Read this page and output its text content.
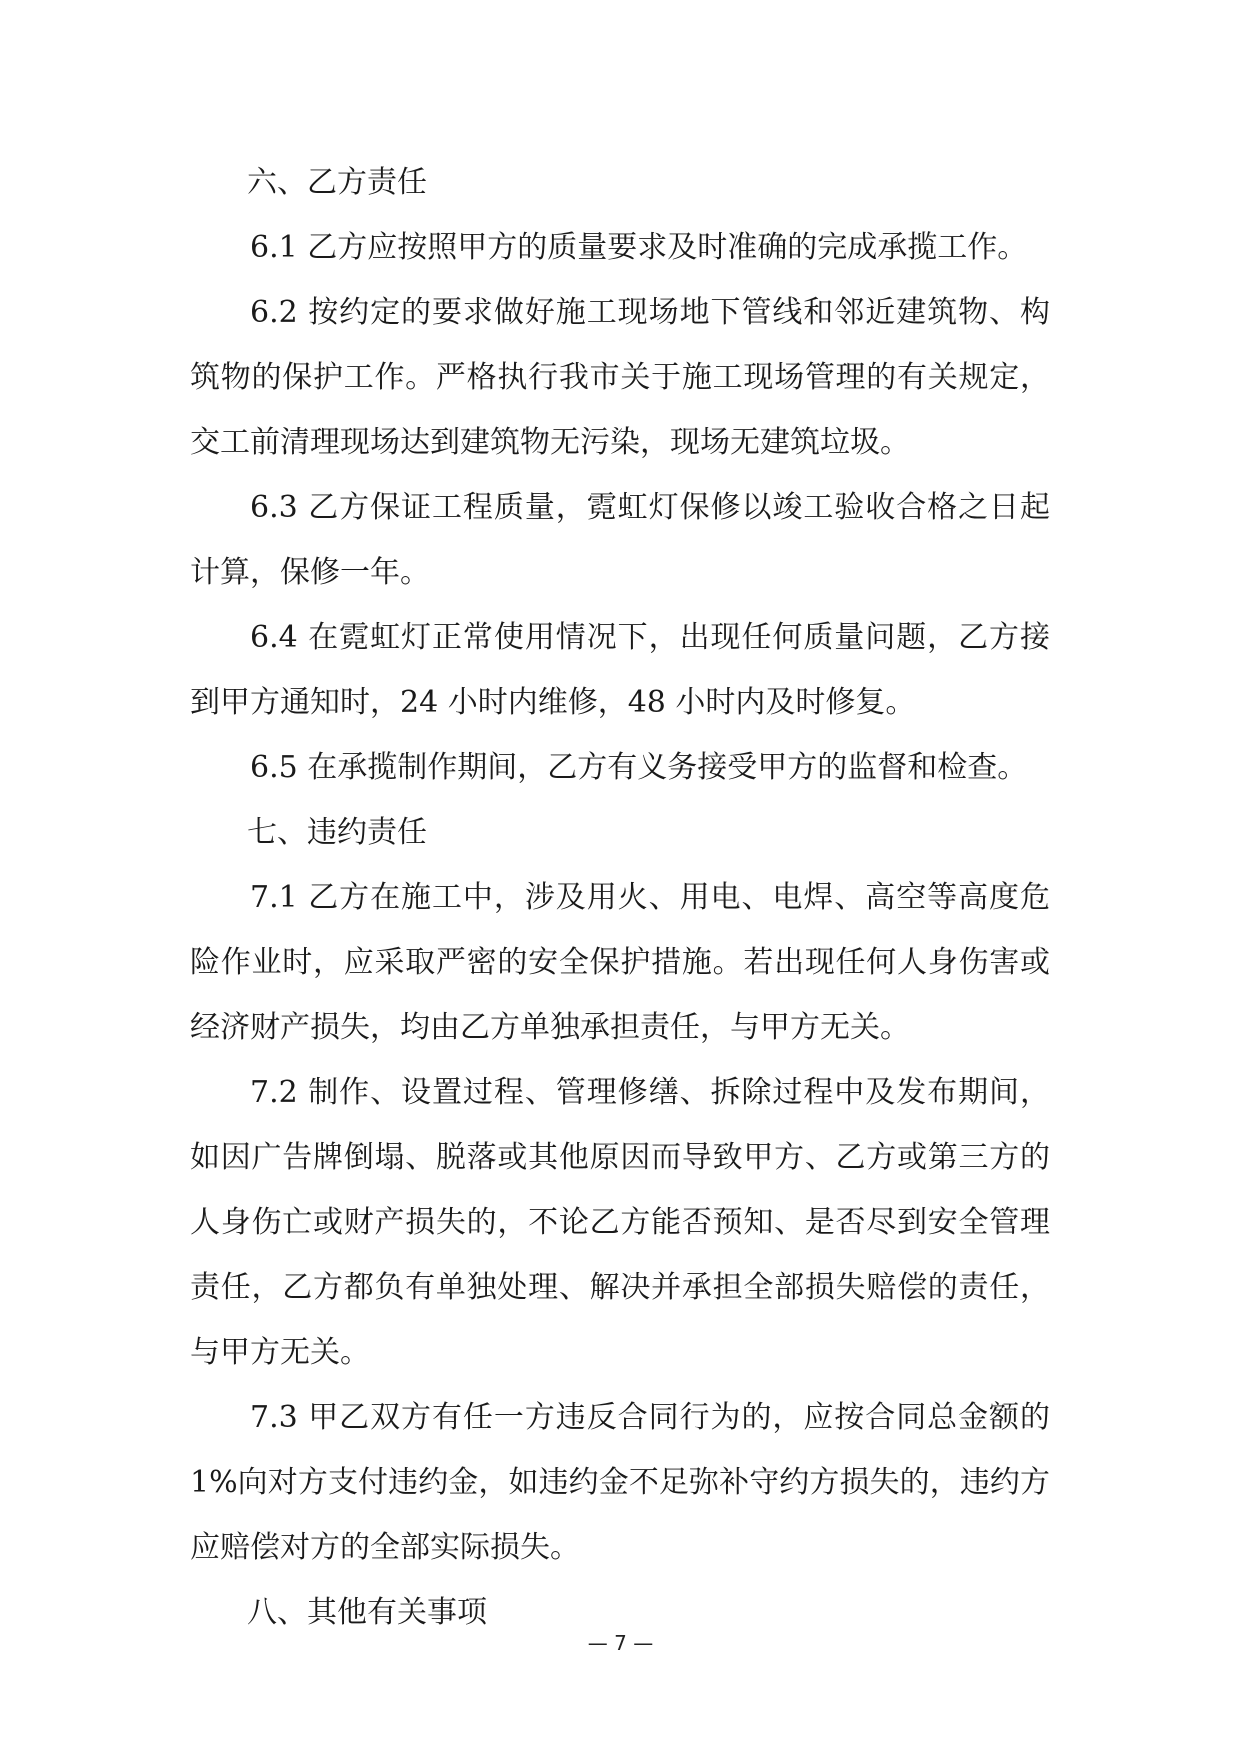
六、乙方责任

6.1 乙方应按照甲方的质量要求及时准确的完成承揽工作。

6.2 按约定的要求做好施工现场地下管线和邻近建筑物、构筑物的保护工作。严格执行我市关于施工现场管理的有关规定，交工前清理现场达到建筑物无污染，现场无建筑垃圾。

6.3 乙方保证工程质量，霓虹灯保修以竣工验收合格之日起计算，保修一年。

6.4 在霓虹灯正常使用情况下，出现任何质量问题，乙方接到甲方通知时，24 小时内维修，48 小时内及时修复。

6.5 在承揽制作期间，乙方有义务接受甲方的监督和检查。

七、违约责任

7.1 乙方在施工中，涉及用火、用电、电焊、高空等高度危险作业时，应采取严密的安全保护措施。若出现任何人身伤害或经济财产损失，均由乙方单独承担责任，与甲方无关。

7.2 制作、设置过程、管理修缮、拆除过程中及发布期间，如因广告牌倒塌、脱落或其他原因而导致甲方、乙方或第三方的人身伤亡或财产损失的，不论乙方能否预知、是否尽到安全管理责任，乙方都负有单独处理、解决并承担全部损失赔偿的责任，与甲方无关。

7.3 甲乙双方有任一方违反合同行为的，应按合同总金额的 1%向对方支付违约金，如违约金不足弥补守约方损失的，违约方应赔偿对方的全部实际损失。

八、其他有关事项

— 7 —
